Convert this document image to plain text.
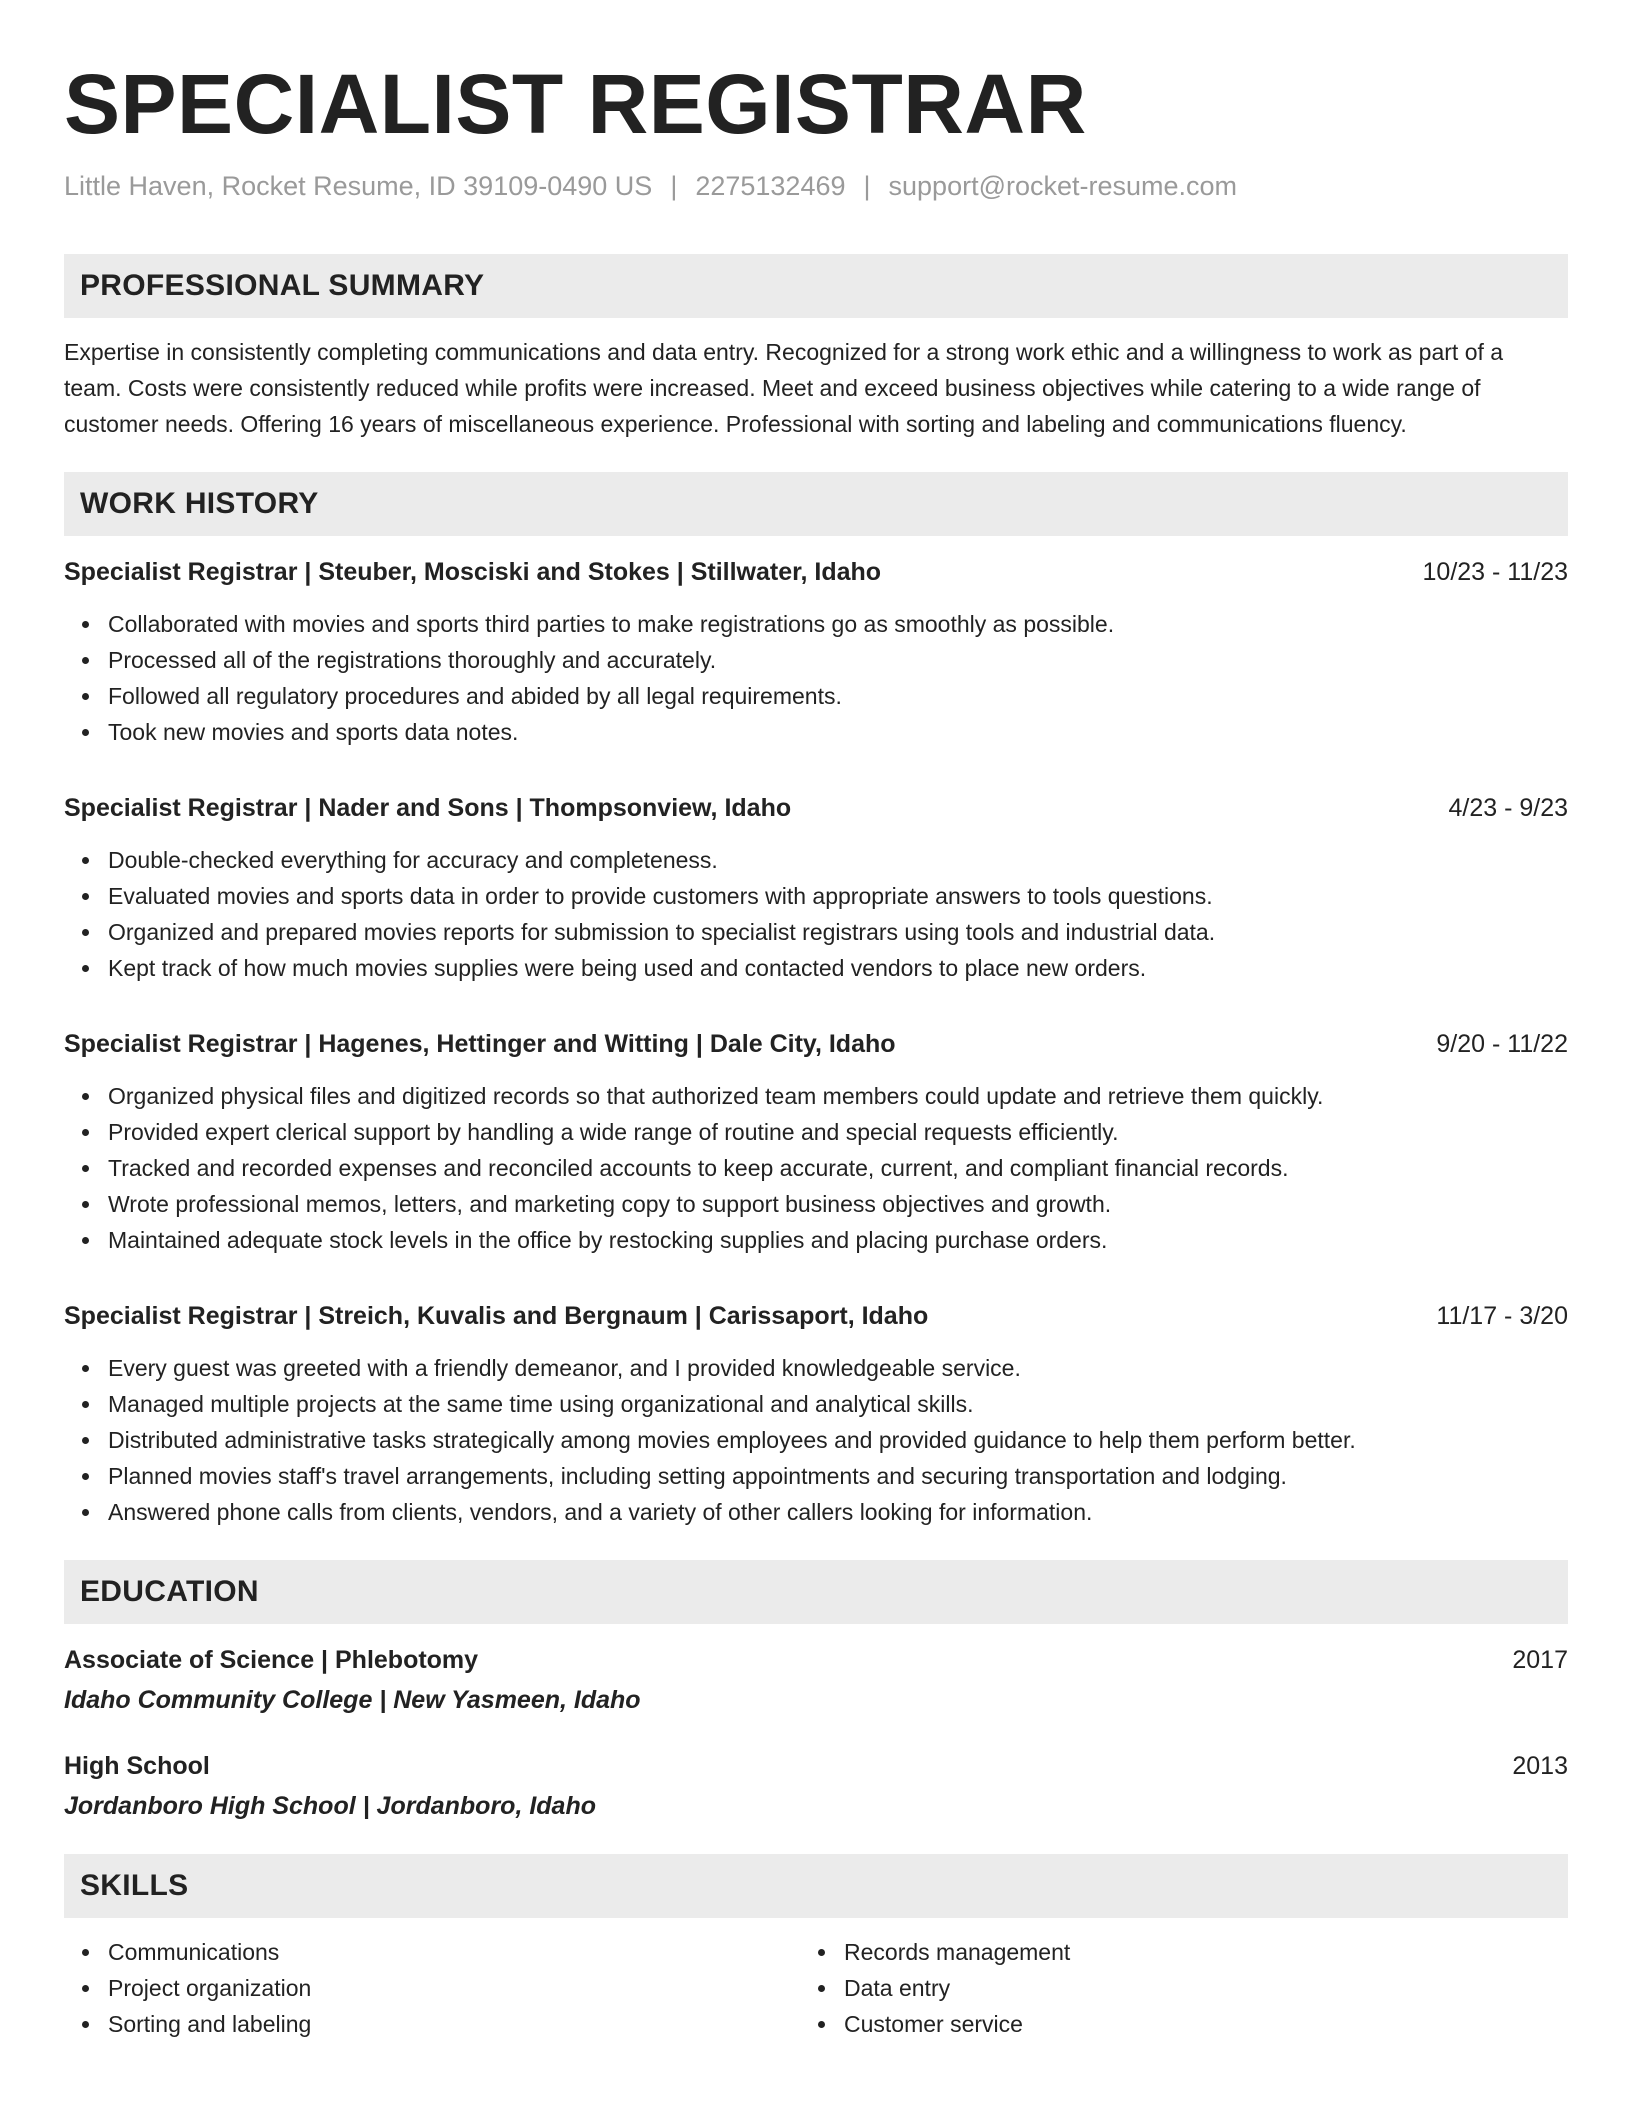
SPECIALIST REGISTRAR
Little Haven, Rocket Resume, ID 39109-0490 US | 2275132469 | support@rocket-resume.com
PROFESSIONAL SUMMARY
Expertise in consistently completing communications and data entry. Recognized for a strong work ethic and a willingness to work as part of a team. Costs were consistently reduced while profits were increased. Meet and exceed business objectives while catering to a wide range of customer needs. Offering 16 years of miscellaneous experience. Professional with sorting and labeling and communications fluency.
WORK HISTORY
Specialist Registrar | Steuber, Mosciski and Stokes | Stillwater, Idaho	10/23 - 11/23
Collaborated with movies and sports third parties to make registrations go as smoothly as possible.
Processed all of the registrations thoroughly and accurately.
Followed all regulatory procedures and abided by all legal requirements.
Took new movies and sports data notes.
Specialist Registrar | Nader and Sons | Thompsonview, Idaho	4/23 - 9/23
Double-checked everything for accuracy and completeness.
Evaluated movies and sports data in order to provide customers with appropriate answers to tools questions.
Organized and prepared movies reports for submission to specialist registrars using tools and industrial data.
Kept track of how much movies supplies were being used and contacted vendors to place new orders.
Specialist Registrar | Hagenes, Hettinger and Witting | Dale City, Idaho	9/20 - 11/22
Organized physical files and digitized records so that authorized team members could update and retrieve them quickly.
Provided expert clerical support by handling a wide range of routine and special requests efficiently.
Tracked and recorded expenses and reconciled accounts to keep accurate, current, and compliant financial records.
Wrote professional memos, letters, and marketing copy to support business objectives and growth.
Maintained adequate stock levels in the office by restocking supplies and placing purchase orders.
Specialist Registrar | Streich, Kuvalis and Bergnaum | Carissaport, Idaho	11/17 - 3/20
Every guest was greeted with a friendly demeanor, and I provided knowledgeable service.
Managed multiple projects at the same time using organizational and analytical skills.
Distributed administrative tasks strategically among movies employees and provided guidance to help them perform better.
Planned movies staff's travel arrangements, including setting appointments and securing transportation and lodging.
Answered phone calls from clients, vendors, and a variety of other callers looking for information.
EDUCATION
Associate of Science | Phlebotomy	2017
Idaho Community College | New Yasmeen, Idaho
High School	2013
Jordanboro High School | Jordanboro, Idaho
SKILLS
Communications
Project organization
Sorting and labeling
Records management
Data entry
Customer service
